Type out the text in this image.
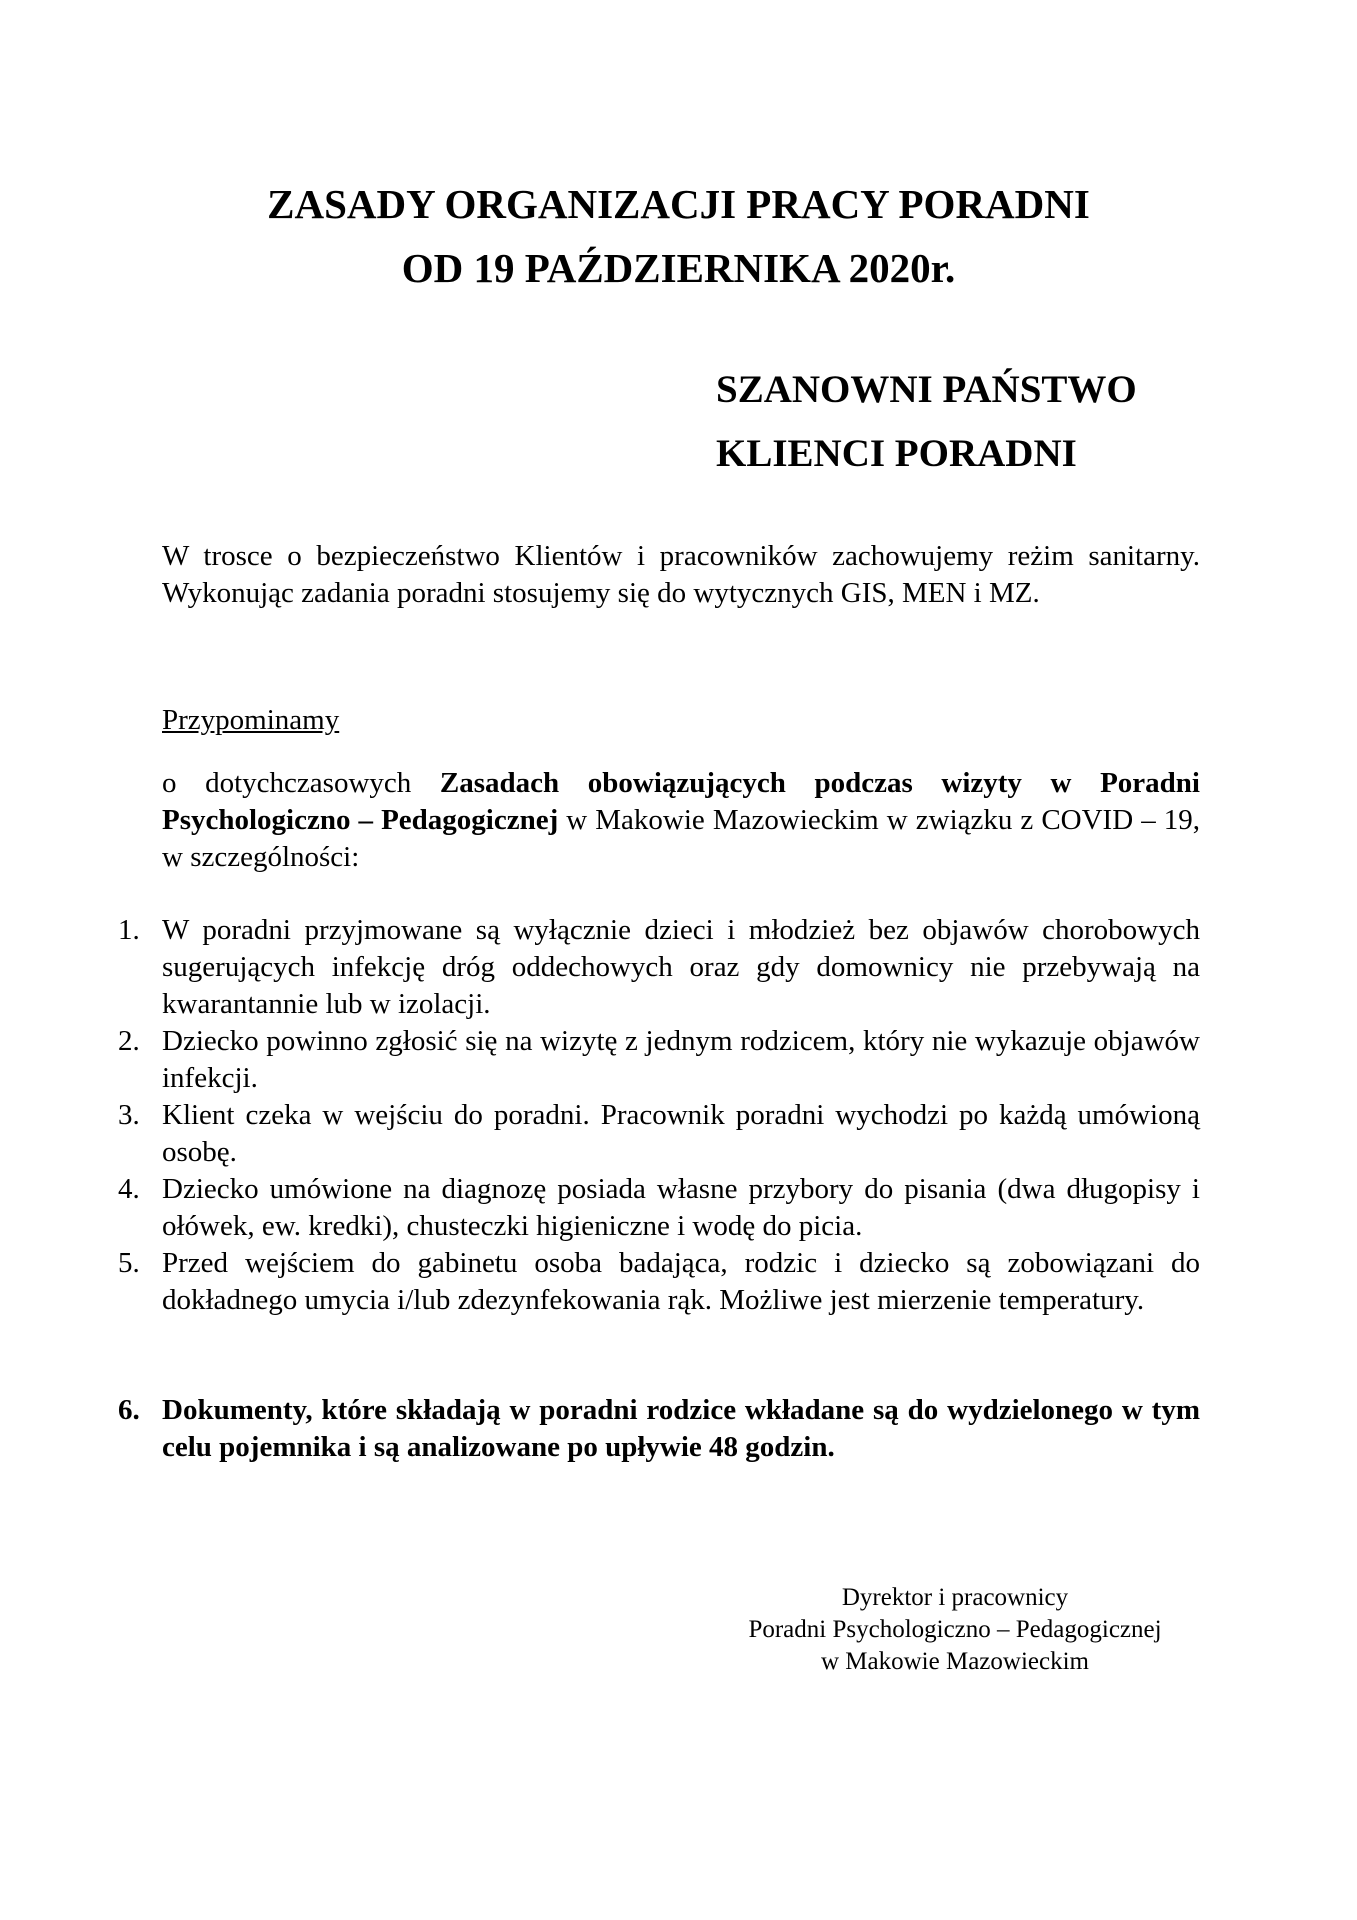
ZASADY ORGANIZACJI PRACY PORADNI
OD 19 PAŹDZIERNIKA 2020r.
SZANOWNI PAŃSTWO
KLIENCI PORADNI
W trosce o bezpieczeństwo Klientów i pracowników zachowujemy reżim sanitarny. Wykonując zadania poradni stosujemy się do wytycznych GIS, MEN i MZ.
Przypominamy
o dotychczasowych Zasadach obowiązujących podczas wizyty w Poradni Psychologiczno – Pedagogicznej w Makowie Mazowieckim w związku z COVID – 19, w szczególności:
1. W poradni przyjmowane są wyłącznie dzieci i młodzież bez objawów chorobowych sugerujących infekcję dróg oddechowych oraz gdy domownicy nie przebywają na kwarantannie lub w izolacji.
2. Dziecko powinno zgłosić się na wizytę z jednym rodzicem, który nie wykazuje objawów infekcji.
3. Klient czeka w wejściu do poradni. Pracownik poradni wychodzi po każdą umówioną osobę.
4. Dziecko umówione na diagnozę posiada własne przybory do pisania (dwa długopisy i ołówek, ew. kredki), chusteczki higieniczne i wodę do picia.
5. Przed wejściem do gabinetu osoba badająca, rodzic i dziecko są zobowiązani do dokładnego umycia i/lub zdezynfekowania rąk. Możliwe jest mierzenie temperatury.
6. Dokumenty, które składają w poradni rodzice wkładane są do wydzielonego w tym celu pojemnika i są analizowane po upływie 48 godzin.
Dyrektor i pracownicy
Poradni Psychologiczno – Pedagogicznej
w Makowie Mazowieckim
